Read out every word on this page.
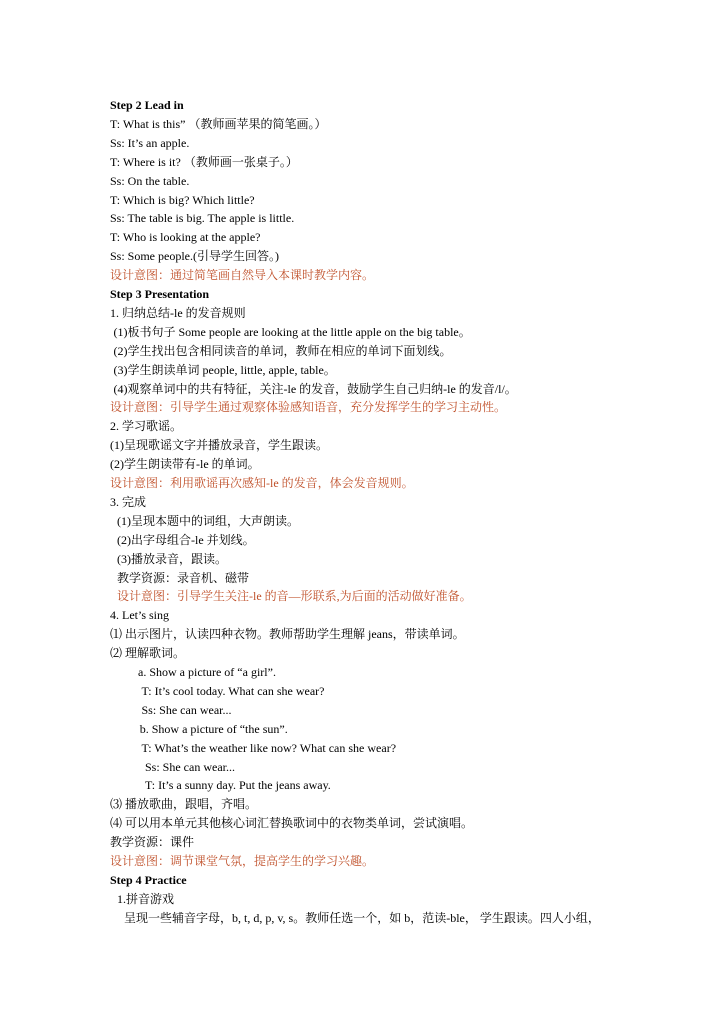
Step 2 Lead in
T: What is this” （教师画苹果的简笔画。）
Ss: It’s an apple.
T: Where is it? （教师画一张桌子。）
Ss: On the table.
T: Which is big? Which little?
Ss: The table is big. The apple is little.
T: Who is looking at the apple?
Ss: Some people.(引导学生回答。)
设计意图：通过简笔画自然导入本课时教学内容。
Step 3 Presentation
1. 归纳总结-le 的发音规则
(1)板书句子 Some people are looking at the little apple on the big table。
(2)学生找出包含相同读音的单词，教师在相应的单词下面划线。
(3)学生朗读单词 people, little, apple, table。
(4)观察单词中的共有特征，关注-le 的发音，鼓励学生自己归纳-le 的发音/l/。
设计意图：引导学生通过观察体验感知语音，充分发挥学生的学习主动性。
2. 学习歌谣。
(1)呈现歌谣文字并播放录音，学生跟读。
(2)学生朗读带有-le 的单词。
设计意图：利用歌谣再次感知-le 的发音，体会发音规则。
3. 完成
(1)呈现本题中的词组，大声朗读。
(2)出字母组合-le 并划线。
(3)播放录音，跟读。
教学资源：录音机、磁带
设计意图：引导学生关注-le 的音—形联系,为后面的活动做好准备。
4. Let’s sing
⑴ 出示图片，认读四种衣物。教师帮助学生理解 jeans，带读单词。
⑵ 理解歌词。
a. Show a picture of “a girl”.
T: It’s cool today. What can she wear?
Ss: She can wear...
b. Show a picture of “the sun”.
T: What’s the weather like now? What can she wear?
Ss: She can wear...
T: It’s a sunny day. Put the jeans away.
⑶ 播放歌曲，跟唱，齐唱。
⑷ 可以用本单元其他核心词汇替换歌词中的衣物类单词，尝试演唱。
教学资源：课件
设计意图：调节课堂气氛，提高学生的学习兴趣。
Step 4 Practice
1.拼音游戏
呈现一些辅音字母，b, t, d, p, v, s。教师任选一个，如 b，范读-ble， 学生跟读。四人小组，
